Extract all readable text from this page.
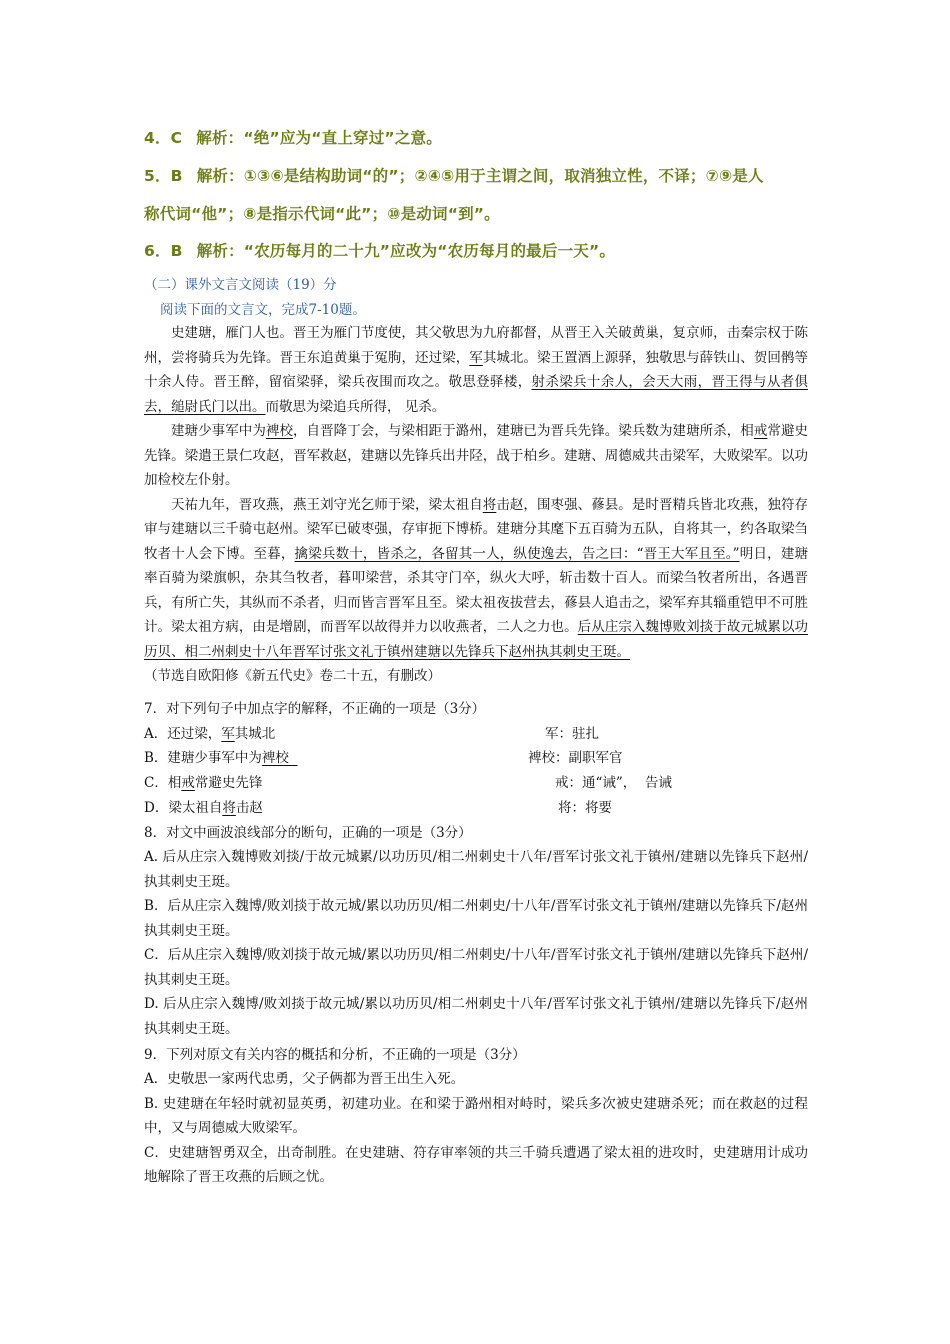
4．C 解析：“绝”应为“直上穿过”之意。
5．B 解析：①③⑥是结构助词“的”；②④⑤用于主谓之间，取消独立性，不译；⑦⑨是人
称代词“他”；⑧是指示代词“此”；⑩是动词“到”。
6．B 解析：“农历每月的二十九”应改为“农历每月的最后一天”。
（二）课外文言文阅读（19）分
阅读下面的文言文，完成7-10题。

史建瑭，雁门人也。晋王为雁门节度使，其父敬思为九府都督，从晋王入关破黄巢，复京师，击秦宗权于陈州，尝将骑兵为先锋。晋王东追黄巢于冤朐，还过梁，军其城北。梁王置酒上源驿，独敬思与薛铁山、贺回鹘等十余人侍。晋王醉，留宿梁驿，梁兵夜围而攻之。敬思登驿楼，射杀梁兵十余人，会天大雨，晋王得与从者俱去，缒尉氏门以出。而敬思为梁追兵所得， 见杀。

建瑭少事军中为裨校，自晋降丁会，与梁相距于潞州，建瑭已为晋兵先锋。梁兵数为建瑭所杀，相戒常避史先锋。梁遣王景仁攻赵，晋军救赵，建瑭以先锋兵出井陉，战于柏乡。建瑭、周德威共击梁军，大败梁军。以功加检校左仆射。

天祐九年，晋攻燕，燕王刘守光乞师于梁，梁太祖自将击赵，围枣强、蓚县。是时晋精兵皆北攻燕，独符存审与建瑭以三千骑屯赵州。梁军已破枣强，存审扼下博桥。建瑭分其麾下五百骑为五队，自将其一，约各取梁刍牧者十人会下博。至暮，擒梁兵数十，皆杀之，各留其一人，纵使逸去，告之曰：“晋王大军且至。”明日，建瑭率百骑为梁旗帜，杂其刍牧者，暮叩梁营，杀其守门卒，纵火大呼，斩击数十百人。而梁刍牧者所出，各遇晋兵，有所亡失，其纵而不杀者，归而皆言晋军且至。梁太祖夜拔营去，蓚县人追击之，梁军弃其辎重铠甲不可胜计。梁太祖方病，由是增剧，而晋军以故得并力以收燕者，二人之力也。后从庄宗入魏博败刘掞于故元城累以功历贝、相二州刺史十八年晋军讨张文礼于镇州建瑭以先锋兵下赵州执其刺史王珽。

（节选自欧阳修《新五代史》卷二十五，有删改）

7．对下列句子中加点字的解释，不正确的一项是（3分）
A．还过梁，军其城北	军：驻扎
B．建瑭少事军中为裨校	裨校：副职军官
C．相戒常避史先锋	戒：通“诫”，  告诫
D．梁太祖自将击赵	将：将要
8．对文中画波浪线部分的断句，正确的一项是（3分）

A. 后从庄宗入魏博败刘掞/于故元城累/以功历贝/相二州刺史十八年/晋军讨张文礼于镇州/建瑭以先锋兵下赵州/执其刺史王珽。

B．后从庄宗入魏博/败刘掞于故元城/累以功历贝/相二州刺史/十八年/晋军讨张文礼于镇州/建瑭以先锋兵下/赵州执其刺史王珽。

C．后从庄宗入魏博/败刘掞于故元城/累以功历贝/相二州刺史/十八年/晋军讨张文礼于镇州/建瑭以先锋兵下赵州/执其刺史王珽。

D. 后从庄宗入魏博/败刘掞于故元城/累以功历贝/相二州刺史十八年/晋军讨张文礼于镇州/建瑭以先锋兵下/赵州执其刺史王珽。

9．下列对原文有关内容的概括和分析，不正确的一项是（3分）

A．史敬思一家两代忠勇，父子俩都为晋王出生入死。

B. 史建瑭在年轻时就初显英勇，初建功业。在和梁于潞州相对峙时，梁兵多次被史建瑭杀死；而在救赵的过程中，又与周德威大败梁军。

C．史建瑭智勇双全，出奇制胜。在史建瑭、符存审率领的共三千骑兵遭遇了梁太祖的进攻时，史建瑭用计成功地解除了晋王攻燕的后顾之忧。
